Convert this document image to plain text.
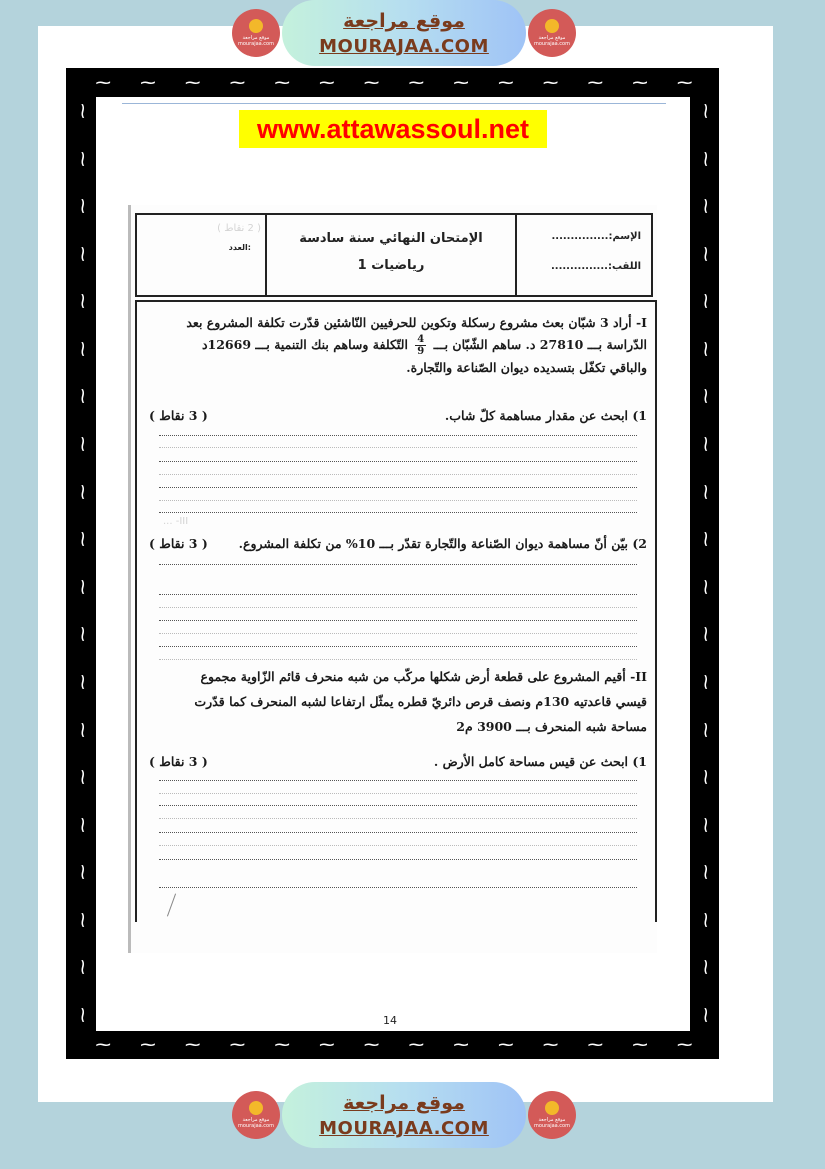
موقع مراجعة
mourajaa.com
موقع مراجعة
MOURAJAA.COM	موقع مراجعة
mourajaa.com
~ ~ ~ ~ ~ ~ ~ ~ ~ ~ ~ ~ ~ ~
~
~
~
~
~
~
~
~
~
~
~
~
~
~
~
~
~
~
~
~
~
~
~
~
~
~
~
~
~
~
~
~
~
~
~
~
~
~
~
~
~ ~ ~ ~ ~ ~ ~ ~ ~ ~ ~ ~ ~ ~
www.attawassoul.net
( 2 نقاط )
العدد:
الإمتحان النهائي سنة سادسة
رياضيات 1
الإسم:...............
اللقب:...............
I- أراد 3 شبّان بعث مشروع رسكلة وتكوين للحرفيين النّاشئين قدّرت تكلفة المشروع بعد
الدّراسة بـــ 27810 د. ساهم الشّبّان بـــ
$\frac{4}{9}$
التّكلفة وساهم بنك التنمية بـــ 12669د
والباقي تكفّل بتسديده ديوان الصّناعة والتّجارة.
1) ابحث عن مقدار مساهمة كلّ شاب.
( 3 نقاط )
III- ...
2) بيّن أنّ مساهمة ديوان الصّناعة والتّجارة تقدّر بـــ 10% من تكلفة المشروع.
( 3 نقاط )
II- أقيم المشروع على قطعة أرض شكلها مركّب من شبه منحرف قائم الزّاوية مجموع
قيسي قاعدتيه 130م ونصف قرص دائريّ قطره يمثّل ارتفاعا لشبه المنحرف كما قدّرت
مساحة شبه المنحرف بـــ 3900 م2
1) ابحث عن قيس مساحة كامل الأرض .
( 3 نقاط )
14
موقع مراجعة
mourajaa.com
موقع مراجعة
MOURAJAA.COM	موقع مراجعة
mourajaa.com
